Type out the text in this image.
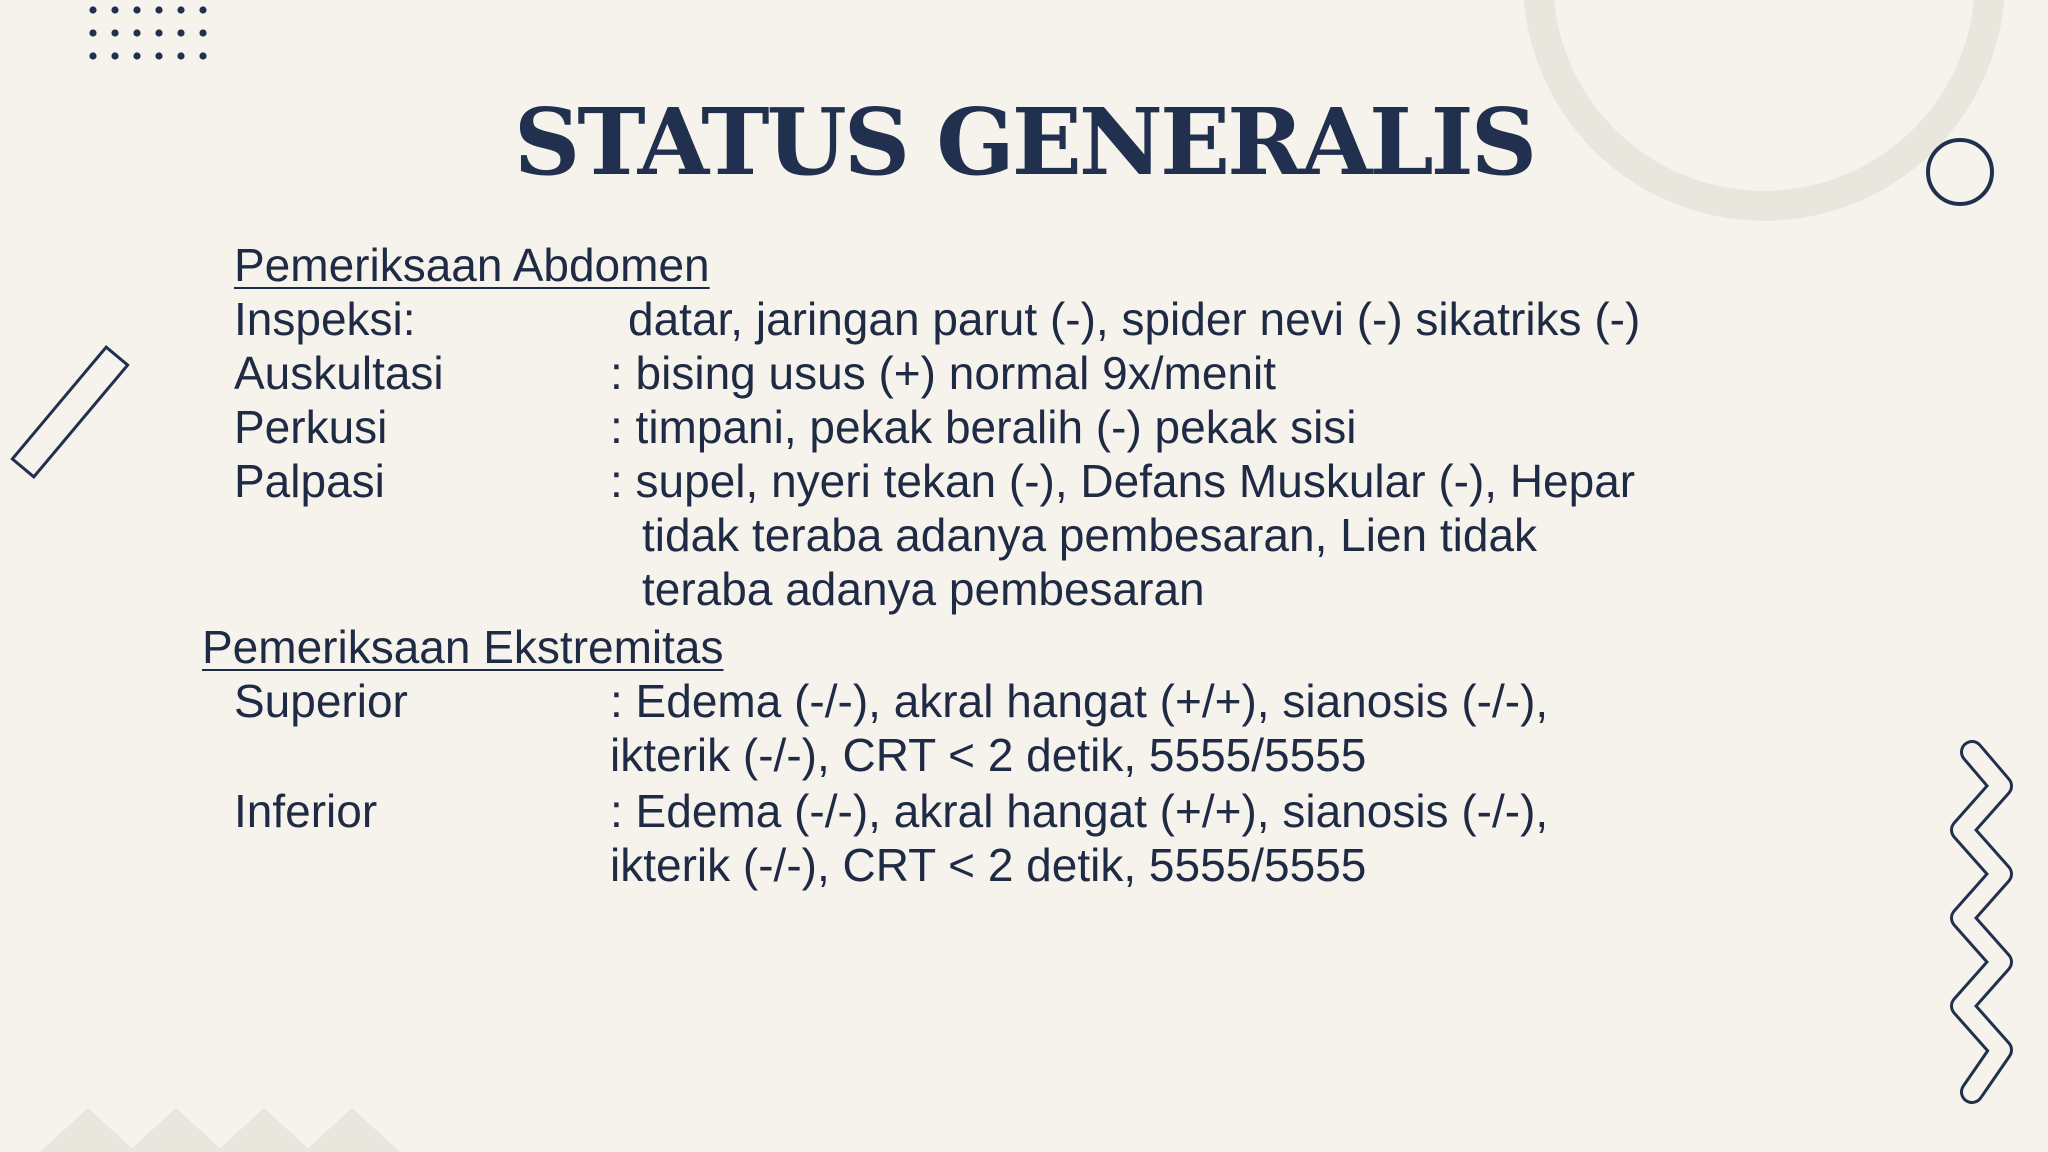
STATUS GENERALIS
Pemeriksaan Abdomen
Inspeksi:	datar, jaringan parut (-), spider nevi (-) sikatriks (-)
Auskultasi	: bising usus (+) normal 9x/menit
Perkusi	: timpani, pekak beralih (-) pekak sisi
Palpasi	: supel, nyeri tekan (-), Defans Muskular (-), Hepar
tidak teraba adanya pembesaran, Lien tidak
teraba adanya pembesaran
Pemeriksaan Ekstremitas
Superior	: Edema (-/-), akral hangat (+/+), sianosis (-/-),
ikterik (-/-), CRT < 2 detik, 5555/5555
Inferior	: Edema (-/-), akral hangat (+/+), sianosis (-/-),
ikterik (-/-), CRT < 2 detik, 5555/5555
